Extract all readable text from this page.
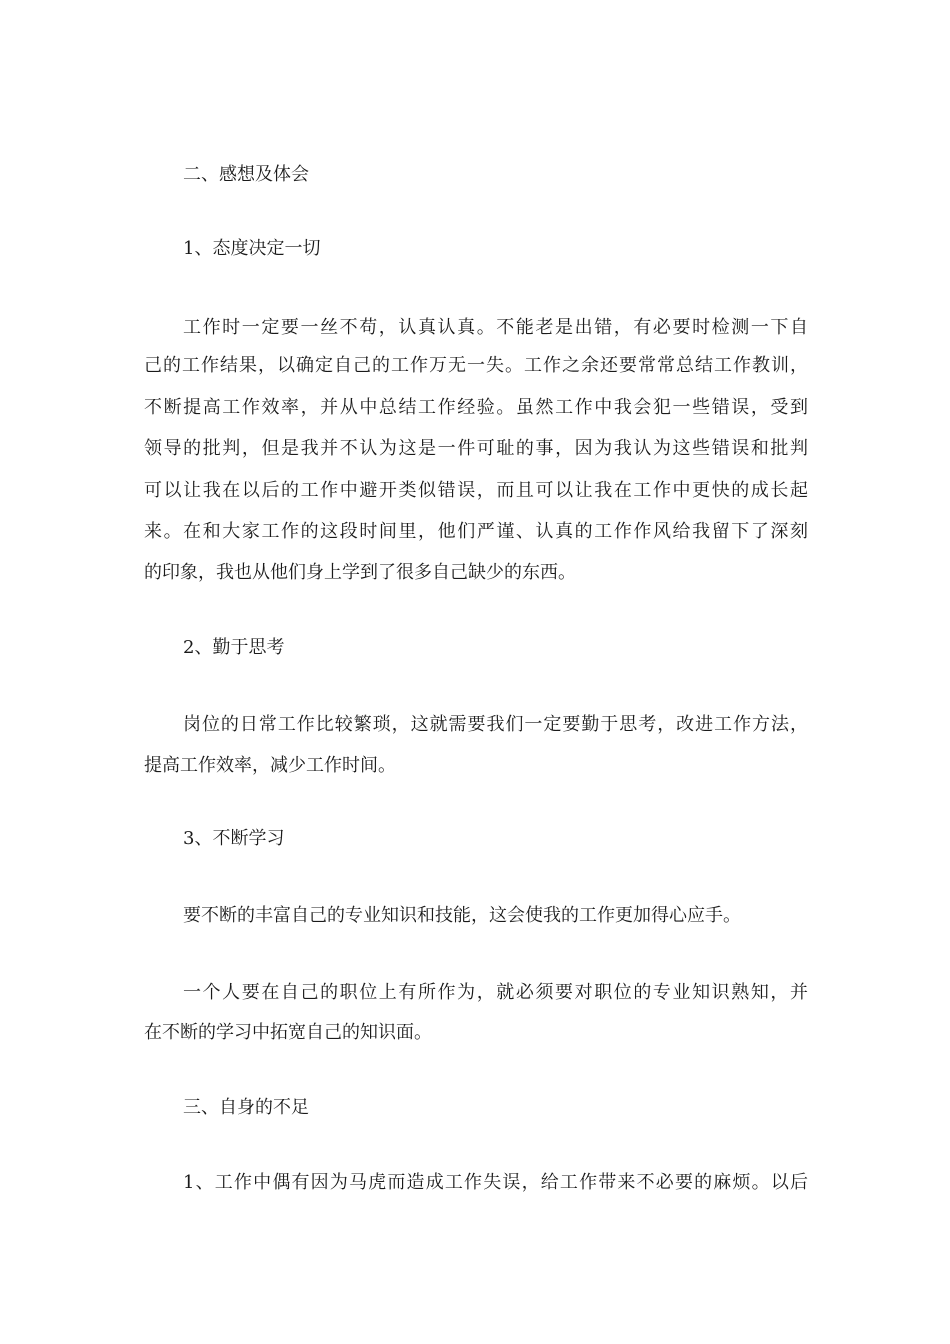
二、感想及体会
1、态度决定一切
工作时一定要一丝不苟，认真认真。不能老是出错，有必要时检测一下自
己的工作结果，以确定自己的工作万无一失。工作之余还要常常总结工作教训，
不断提高工作效率，并从中总结工作经验。虽然工作中我会犯一些错误，受到
领导的批判，但是我并不认为这是一件可耻的事，因为我认为这些错误和批判
可以让我在以后的工作中避开类似错误，而且可以让我在工作中更快的成长起
来。在和大家工作的这段时间里，他们严谨、认真的工作作风给我留下了深刻
的印象，我也从他们身上学到了很多自己缺少的东西。
2、勤于思考
岗位的日常工作比较繁琐，这就需要我们一定要勤于思考，改进工作方法，
提高工作效率，减少工作时间。
3、不断学习
要不断的丰富自己的专业知识和技能，这会使我的工作更加得心应手。
一个人要在自己的职位上有所作为，就必须要对职位的专业知识熟知，并
在不断的学习中拓宽自己的知识面。
三、自身的不足
1、工作中偶有因为马虎而造成工作失误，给工作带来不必要的麻烦。以后
